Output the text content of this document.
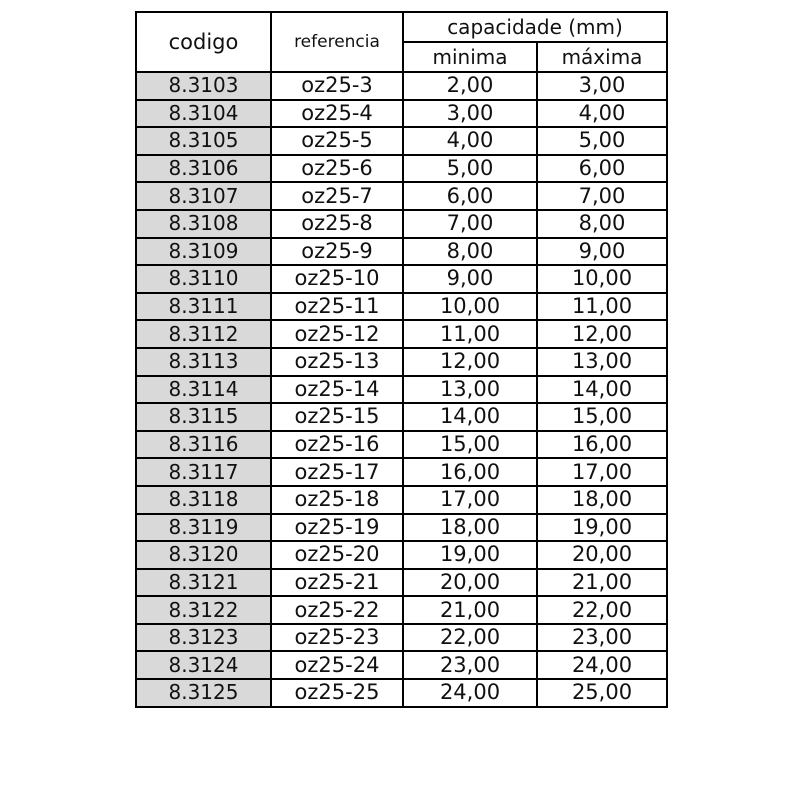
codigo	referencia	capacidade (mm)	
		minima	máxima
8.3103	oz25-3	2,00	3,00
8.3104	oz25-4	3,00	4,00
8.3105	oz25-5	4,00	5,00
8.3106	oz25-6	5,00	6,00
8.3107	oz25-7	6,00	7,00
8.3108	oz25-8	7,00	8,00
8.3109	oz25-9	8,00	9,00
8.3110	oz25-10	9,00	10,00
8.3111	oz25-11	10,00	11,00
8.3112	oz25-12	11,00	12,00
8.3113	oz25-13	12,00	13,00
8.3114	oz25-14	13,00	14,00
8.3115	oz25-15	14,00	15,00
8.3116	oz25-16	15,00	16,00
8.3117	oz25-17	16,00	17,00
8.3118	oz25-18	17,00	18,00
8.3119	oz25-19	18,00	19,00
8.3120	oz25-20	19,00	20,00
8.3121	oz25-21	20,00	21,00
8.3122	oz25-22	21,00	22,00
8.3123	oz25-23	22,00	23,00
8.3124	oz25-24	23,00	24,00
8.3125	oz25-25	24,00	25,00
